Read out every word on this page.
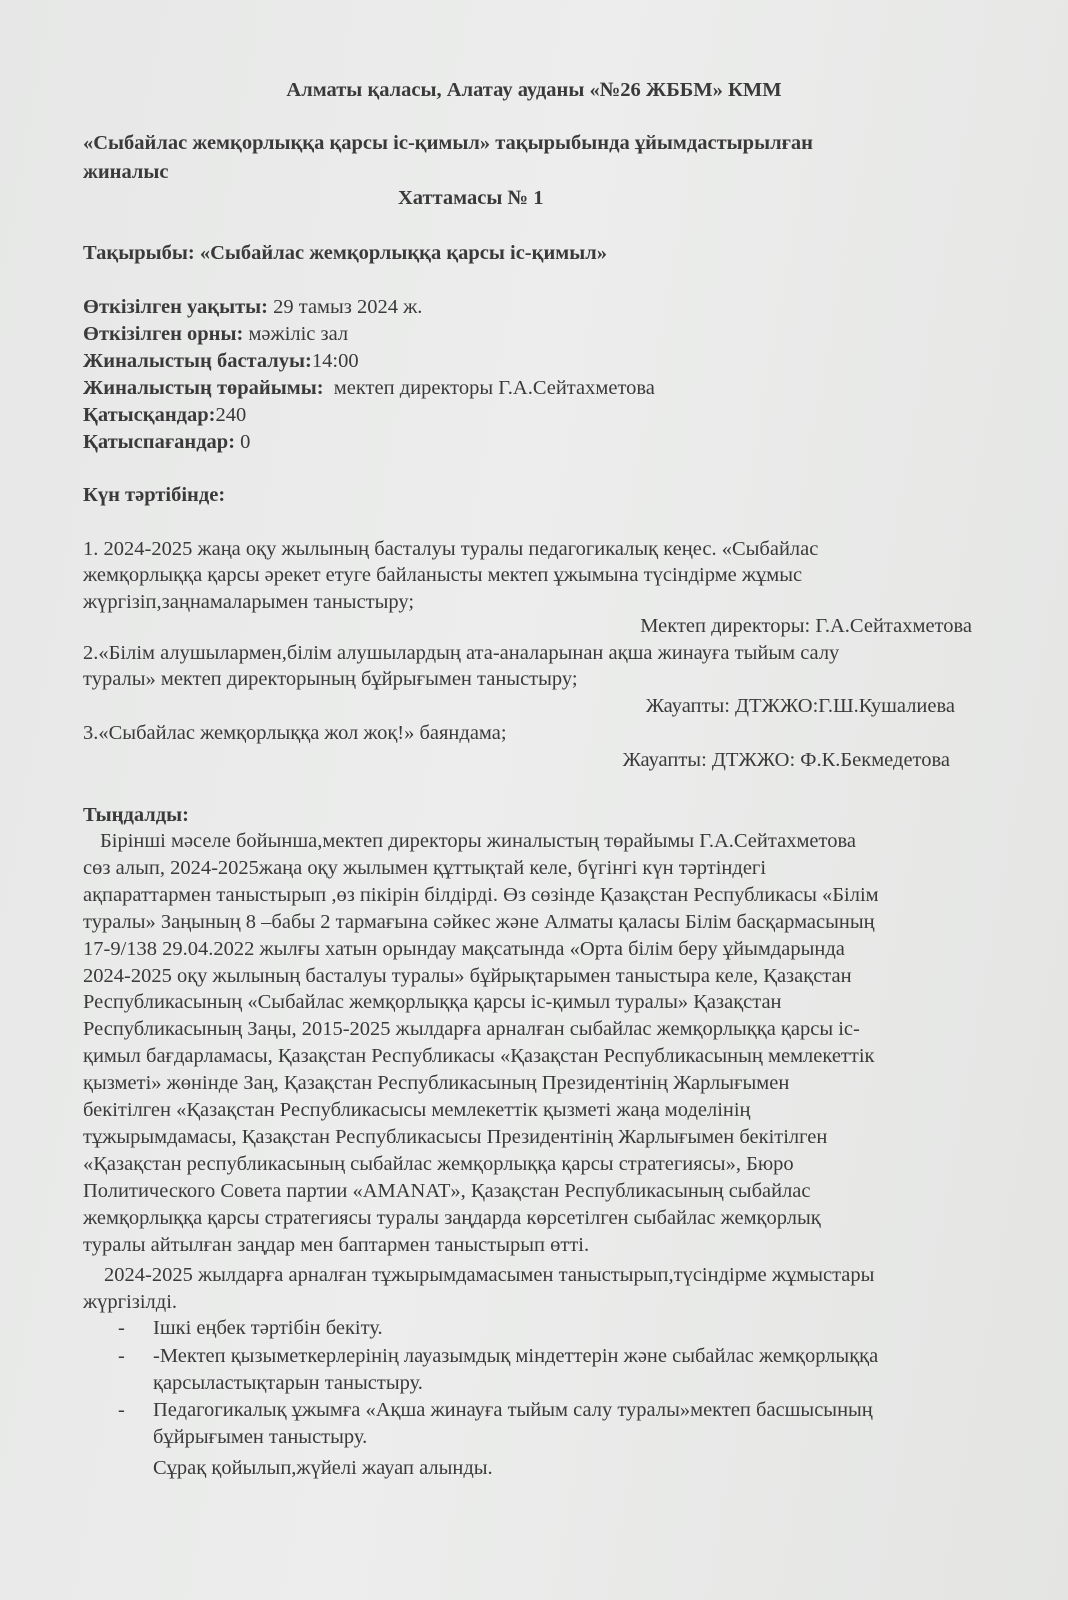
Алматы қаласы, Алатау ауданы «№26 ЖББМ» КММ
«Сыбайлас жемқорлыққа қарсы іс-қимыл» тақырыбында ұйымдастырылған
жиналыс
Хаттамасы № 1
Тақырыбы: «Сыбайлас жемқорлыққа қарсы іс-қимыл»
Өткізілген уақыты: 29 тамыз 2024 ж.
Өткізілген орны: мәжіліс зал
Жиналыстың басталуы:14:00
Жиналыстың төрайымы:  мектеп директоры Г.А.Сейтахметова
Қатысқандар:240
Қатыспағандар: 0
Күн тәртібінде:
1. 2024-2025 жаңа оқу жылының басталуы туралы педагогикалық кеңес. «Сыбайлас
жемқорлыққа қарсы әрекет етуге байланысты мектеп ұжымына түсіндірме жұмыс
жүргізіп,заңнамаларымен таныстыру;
Мектеп директоры: Г.А.Сейтахметова
2.«Білім алушылармен,білім алушылардың ата-аналарынан ақша жинауға тыйым салу
туралы» мектеп директорының бұйрығымен таныстыру;
Жауапты: ДТЖЖО:Г.Ш.Кушалиева
3.«Сыбайлас жемқорлыққа жол жоқ!» баяндама;
Жауапты: ДТЖЖО: Ф.К.Бекмедетова
Тыңдалды:
Бірінші мәселе бойынша,мектеп директоры жиналыстың төрайымы Г.А.Сейтахметова
сөз алып, 2024-2025жаңа оқу жылымен құттықтай келе, бүгінгі күн тәртіндегі
ақпараттармен таныстырып ,өз пікірін білдірді. Өз сөзінде Қазақстан Республикасы «Білім
туралы» Заңының 8 –бабы 2 тармағына сәйкес және Алматы қаласы Білім басқармасының
17-9/138 29.04.2022 жылғы хатын орындау мақсатында «Орта білім беру ұйымдарында
2024-2025 оқу жылының басталуы туралы» бұйрықтарымен таныстыра келе, Қазақстан
Республикасының «Сыбайлас жемқорлыққа қарсы іс-қимыл туралы» Қазақстан
Республикасының Заңы, 2015-2025 жылдарға арналған сыбайлас жемқорлыққа қарсы іс-
қимыл бағдарламасы, Қазақстан Республикасы «Қазақстан Республикасының мемлекеттік
қызметі» жөнінде Заң, Қазақстан Республикасының Президентінің Жарлығымен
бекітілген «Қазақстан Республикасысы мемлекеттік қызметі жаңа моделінің
тұжырымдамасы, Қазақстан Республикасысы Президентінің Жарлығымен бекітілген
«Қазақстан республикасының сыбайлас жемқорлыққа қарсы стратегиясы», Бюро
Политического Совета партии «AMANAT», Қазақстан Республикасының сыбайлас
жемқорлыққа қарсы стратегиясы туралы заңдарда көрсетілген сыбайлас жемқорлық
туралы айтылған заңдар мен баптармен таныстырып өтті.
2024-2025 жылдарға арналған тұжырымдамасымен таныстырып,түсіндірме жұмыстары
жүргізілді.
- Ішкі еңбек тәртібін бекіту.
- -Мектеп қызыметкерлерінің лауазымдық міндеттерін және сыбайлас жемқорлыққа
қарсыластықтарын таныстыру.
- Педагогикалық ұжымға «Ақша жинауға тыйым салу туралы»мектеп басшысының
бұйрығымен таныстыру.
Сұрақ қойылып,жүйелі жауап алынды.
